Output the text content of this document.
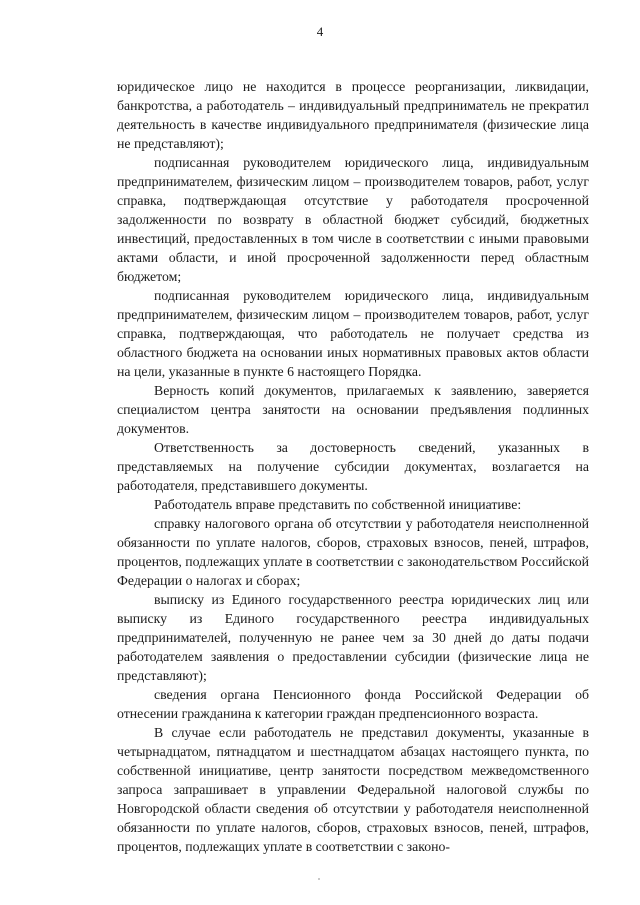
4

юридическое лицо не находится в процессе реорганизации, ликвидации, банкротства, а работодатель – индивидуальный предприниматель не прекратил деятельность в качестве индивидуального предпринимателя (физические лица не представляют);

подписанная руководителем юридического лица, индивидуальным предпринимателем, физическим лицом – производителем товаров, работ, услуг справка, подтверждающая отсутствие у работодателя просроченной задолженности по возврату в областной бюджет субсидий, бюджетных инвестиций, предоставленных в том числе в соответствии с иными правовыми актами области, и иной просроченной задолженности перед областным бюджетом;

подписанная руководителем юридического лица, индивидуальным предпринимателем, физическим лицом – производителем товаров, работ, услуг справка, подтверждающая, что работодатель не получает средства из областного бюджета на основании иных нормативных правовых актов области на цели, указанные в пункте 6 настоящего Порядка.

Верность копий документов, прилагаемых к заявлению, заверяется специалистом центра занятости на основании предъявления подлинных документов.

Ответственность за достоверность сведений, указанных в представляемых на получение субсидии документах, возлагается на работодателя, представившего документы.

Работодатель вправе представить по собственной инициативе:

справку налогового органа об отсутствии у работодателя неисполненной обязанности по уплате налогов, сборов, страховых взносов, пеней, штрафов, процентов, подлежащих уплате в соответствии с законодательством Российской Федерации о налогах и сборах;

выписку из Единого государственного реестра юридических лиц или выписку из Единого государственного реестра индивидуальных предпринимателей, полученную не ранее чем за 30 дней до даты подачи работодателем заявления о предоставлении субсидии (физические лица не представляют);

сведения органа Пенсионного фонда Российской Федерации об отнесении гражданина к категории граждан предпенсионного возраста.

В случае если работодатель не представил документы, указанные в четырнадцатом, пятнадцатом и шестнадцатом абзацах настоящего пункта, по собственной инициативе, центр занятости посредством межведомственного запроса запрашивает в управлении Федеральной налоговой службы по Новгородской области сведения об отсутствии у работодателя неисполненной обязанности по уплате налогов, сборов, страховых взносов, пеней, штрафов, процентов, подлежащих уплате в соответствии с законо-
